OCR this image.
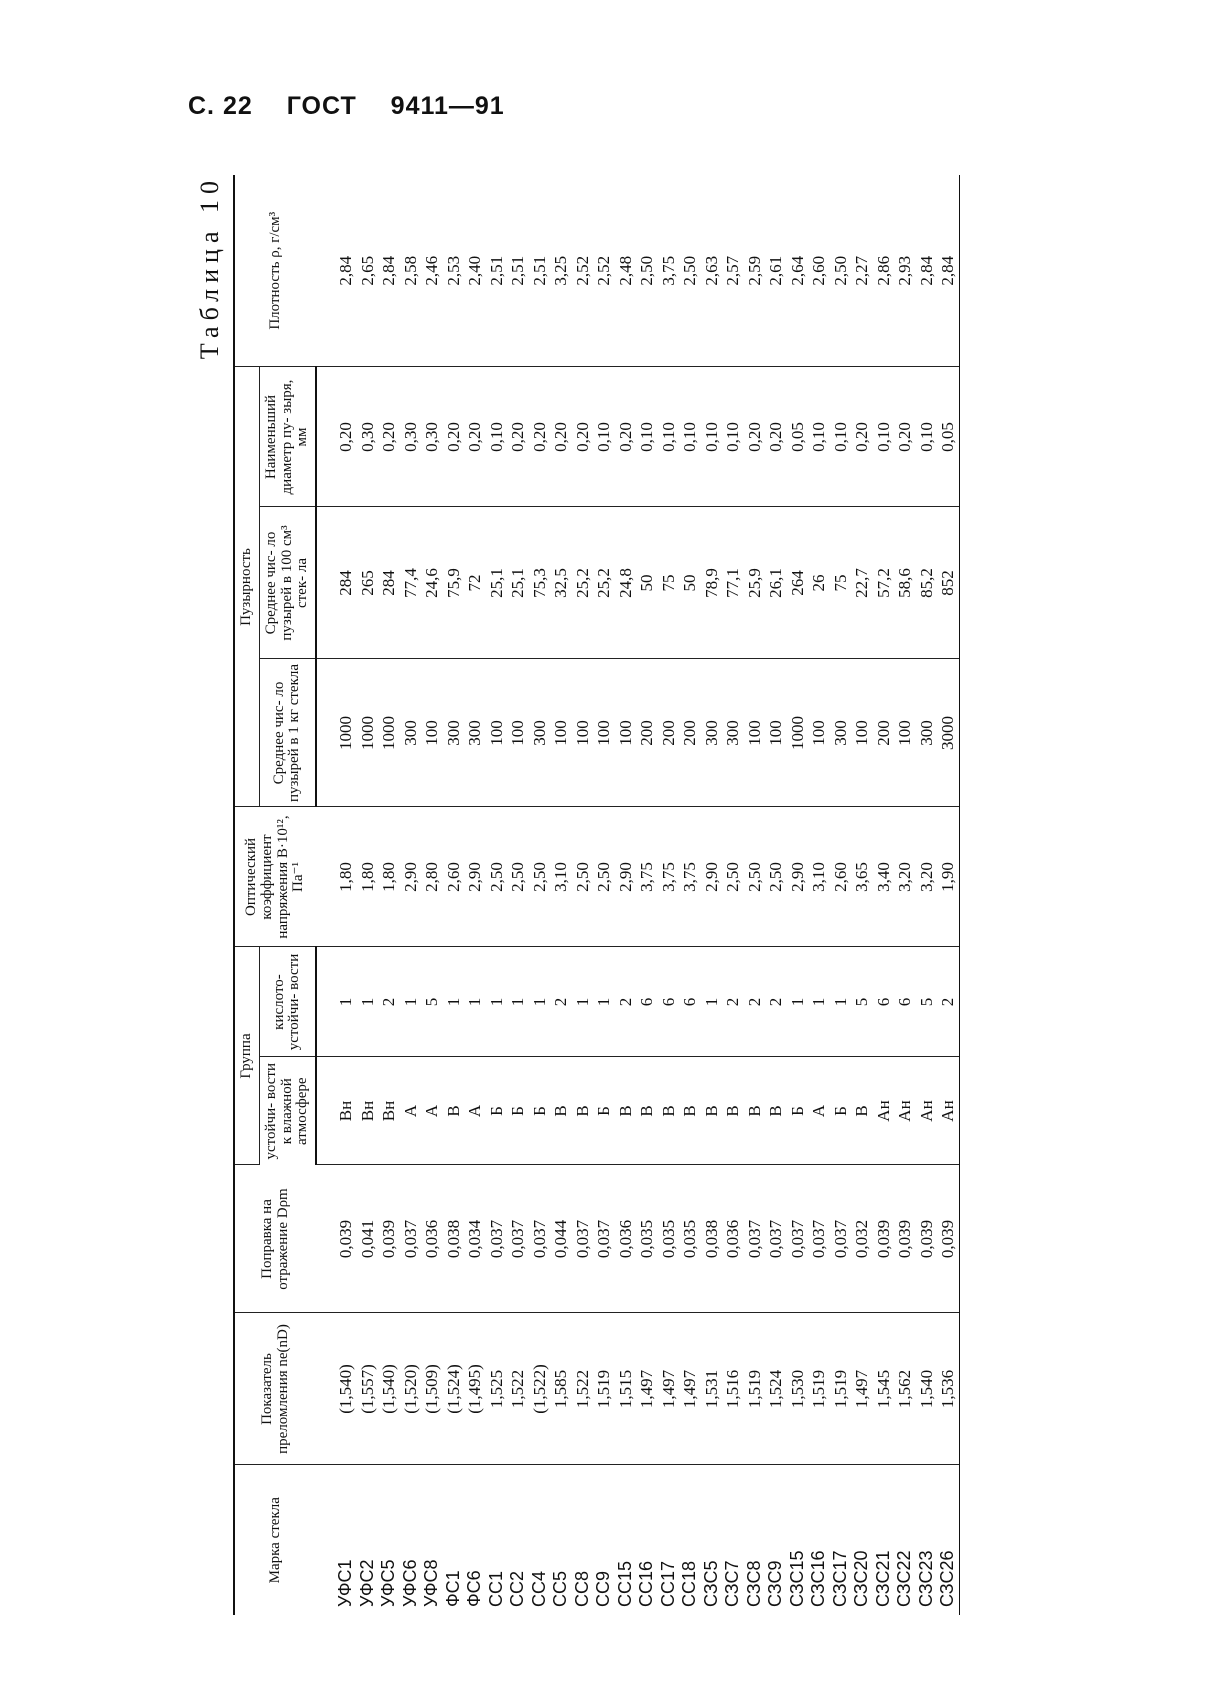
С. 22 ГОСТ 9411—91
Таблица 10
Марка стекла	Показатель преломления ne(nD)	Поправка на отражение Dρm	Группа		Оптический коэффициент напряжения B·10¹², Па⁻¹	Пузырность			Плотность ρ, г/см³
			устойчи- вости к влажной атмосфере	кислото- устойчи- вости		Среднее чис- ло пузырей в 1 кг стекла	Среднее чис- ло пузырей в 100 см³ стек- ла	Наименьший диаметр пу- зыря, мм	
УФС1	(1,540)	0,039	Вн	1	1,80	1000	284	0,20	2,84
УФС2	(1,557)	0,041	Вн	1	1,80	1000	265	0,30	2,65
УФС5	(1,540)	0,039	Вн	2	1,80	1000	284	0,20	2,84
УФС6	(1,520)	0,037	А	1	2,90	300	77,4	0,30	2,58
УФС8	(1,509)	0,036	А	5	2,80	100	24,6	0,30	2,46
ФС1	(1,524)	0,038	В	1	2,60	300	75,9	0,20	2,53
ФС6	(1,495)	0,034	А	1	2,90	300	72	0,20	2,40
СС1	1,525	0,037	Б	1	2,50	100	25,1	0,10	2,51
СС2	1,522	0,037	Б	1	2,50	100	25,1	0,20	2,51
СС4	(1,522)	0,037	Б	1	2,50	300	75,3	0,20	2,51
СС5	1,585	0,044	В	2	3,10	100	32,5	0,20	3,25
СС8	1,522	0,037	В	1	2,50	100	25,2	0,20	2,52
СС9	1,519	0,037	Б	1	2,50	100	25,2	0,10	2,52
СС15	1,515	0,036	В	2	2,90	100	24,8	0,20	2,48
СС16	1,497	0,035	В	6	3,75	200	50	0,10	2,50
СС17	1,497	0,035	В	6	3,75	200	75	0,10	3,75
СС18	1,497	0,035	В	6	3,75	200	50	0,10	2,50
СЗС5	1,531	0,038	В	1	2,90	300	78,9	0,10	2,63
СЗС7	1,516	0,036	В	2	2,50	300	77,1	0,10	2,57
СЗС8	1,519	0,037	В	2	2,50	100	25,9	0,20	2,59
СЗС9	1,524	0,037	В	2	2,50	100	26,1	0,20	2,61
СЗС15	1,530	0,037	Б	1	2,90	1000	264	0,05	2,64
СЗС16	1,519	0,037	А	1	3,10	100	26	0,10	2,60
СЗС17	1,519	0,037	Б	1	2,60	300	75	0,10	2,50
СЗС20	1,497	0,032	В	5	3,65	100	22,7	0,20	2,27
СЗС21	1,545	0,039	Ан	6	3,40	200	57,2	0,10	2,86
СЗС22	1,562	0,039	Ан	6	3,20	100	58,6	0,20	2,93
СЗС23	1,540	0,039	Ан	5	3,20	300	85,2	0,10	2,84
СЗС26	1,536	0,039	Ан	2	1,90	3000	852	0,05	2,84
